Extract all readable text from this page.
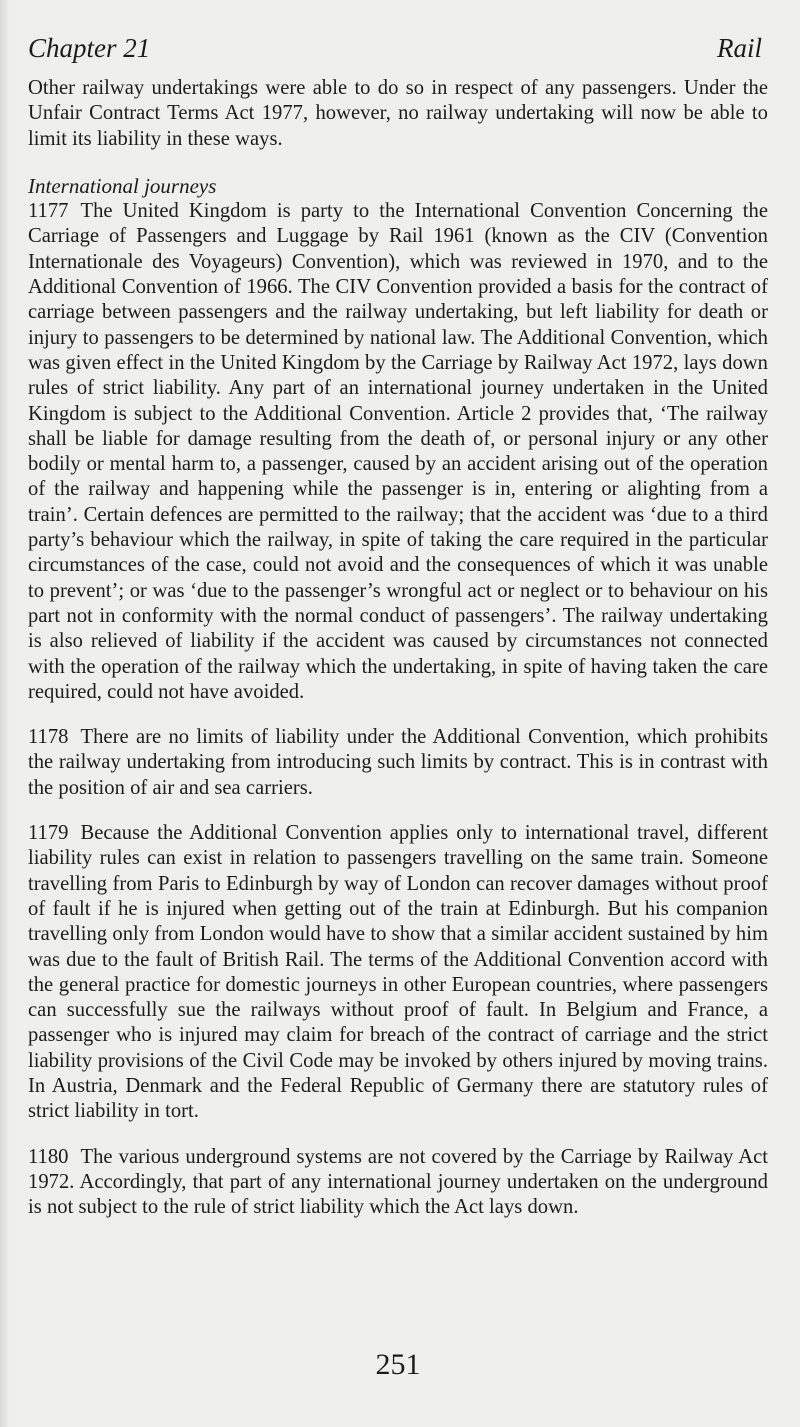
Chapter 21	Rail

Other railway undertakings were able to do so in respect of any passengers. Under the Unfair Contract Terms Act 1977, however, no railway undertaking will now be able to limit its liability in these ways.

International journeys

1177 The United Kingdom is party to the International Convention Concerning the Carriage of Passengers and Luggage by Rail 1961 (known as the CIV (Convention Internationale des Voyageurs) Convention), which was reviewed in 1970, and to the Additional Convention of 1966. The CIV Convention provided a basis for the contract of carriage between passengers and the railway undertaking, but left liability for death or injury to passengers to be determined by national law. The Additional Convention, which was given effect in the United Kingdom by the Carriage by Railway Act 1972, lays down rules of strict liability. Any part of an international journey undertaken in the United Kingdom is subject to the Additional Convention. Article 2 provides that, ‘The railway shall be liable for damage resulting from the death of, or personal injury or any other bodily or mental harm to, a passenger, caused by an accident arising out of the operation of the railway and happening while the passenger is in, entering or alighting from a train’. Certain defences are permitted to the railway; that the accident was ‘due to a third party’s behaviour which the railway, in spite of taking the care required in the particular circumstances of the case, could not avoid and the consequences of which it was unable to prevent’; or was ‘due to the passenger’s wrongful act or neglect or to behaviour on his part not in conformity with the normal conduct of passengers’. The railway undertaking is also relieved of liability if the accident was caused by circumstances not connected with the operation of the railway which the undertaking, in spite of having taken the care required, could not have avoided.

1178 There are no limits of liability under the Additional Convention, which prohibits the railway undertaking from introducing such limits by contract. This is in contrast with the position of air and sea carriers.

1179 Because the Additional Convention applies only to international travel, different liability rules can exist in relation to passengers travelling on the same train. Someone travelling from Paris to Edinburgh by way of London can recover damages without proof of fault if he is injured when getting out of the train at Edinburgh. But his companion travelling only from London would have to show that a similar accident sustained by him was due to the fault of British Rail. The terms of the Additional Convention accord with the general practice for domestic journeys in other European countries, where passengers can successfully sue the railways without proof of fault. In Belgium and France, a passenger who is injured may claim for breach of the contract of carriage and the strict liability provisions of the Civil Code may be invoked by others injured by moving trains. In Austria, Denmark and the Federal Republic of Germany there are statutory rules of strict liability in tort.

1180 The various underground systems are not covered by the Carriage by Railway Act 1972. Accordingly, that part of any international journey undertaken on the underground is not subject to the rule of strict liability which the Act lays down.

251
